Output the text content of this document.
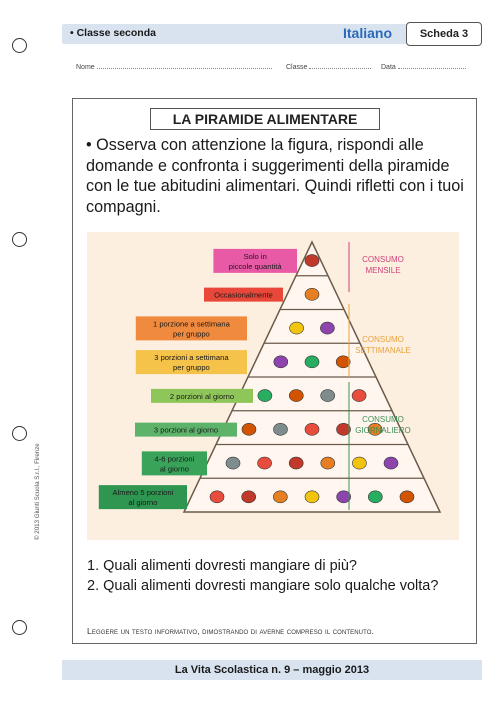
© 2013 Giunti Scuola S.r.l., Firenze
• Classe seconda	Italiano	Scheda 3
Nome	Classe	Data
LA PIRAMIDE ALIMENTARE
• Osserva con attenzione la figura, rispondi alle domande e confronta i suggerimenti della piramide con le tue abitudini alimentari. Quindi rifletti con i tuoi compagni.
Solo in
piccole quantità
Occasionalmente
1 porzione a settimana
per gruppo
3 porzioni a settimana
per gruppo
2 porzioni al giorno
3 porzioni al giorno
4-6 porzioni
al giorno
Almeno 5 porzioni
al giorno
CONSUMO
MENSILE
CONSUMO
SETTIMANALE
CONSUMO
GIORNALIERO
1. Quali alimenti dovresti mangiare di più?
2. Quali alimenti dovresti mangiare solo qualche volta?
Leggere un testo informativo, dimostrando di averne compreso il contenuto.
La Vita Scolastica n. 9 – maggio 2013
